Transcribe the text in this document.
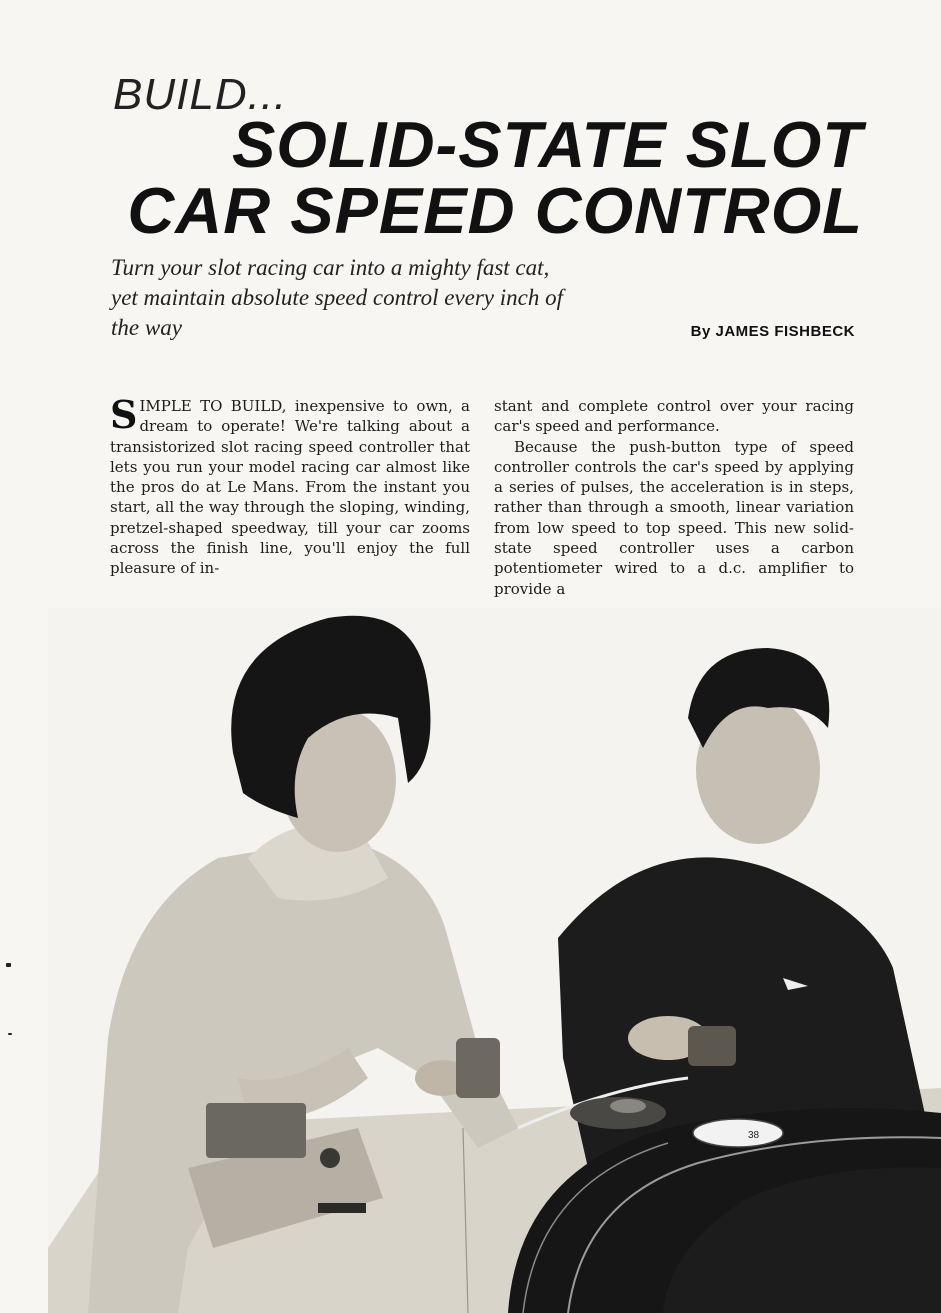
BUILD...
SOLID-STATE SLOT CAR SPEED CONTROL
Turn your slot racing car into a mighty fast cat, yet maintain absolute speed control every inch of the way	By JAMES FISHBECK

SIMPLE TO BUILD, inexpensive to own, a dream to operate! We're talking about a transistorized slot racing speed controller that lets you run your model racing car almost like the pros do at Le Mans. From the instant you start, all the way through the sloping, winding, pretzel-shaped speedway, till your car zooms across the finish line, you'll enjoy the full pleasure of in-

stant and complete control over your racing car's speed and performance.

Because the push-button type of speed controller controls the car's speed by applying a series of pulses, the acceleration is in steps, rather than through a smooth, linear variation from low speed to top speed. This new solid-state speed controller uses a carbon potentiometer wired to a d.c. amplifier to provide a

38
